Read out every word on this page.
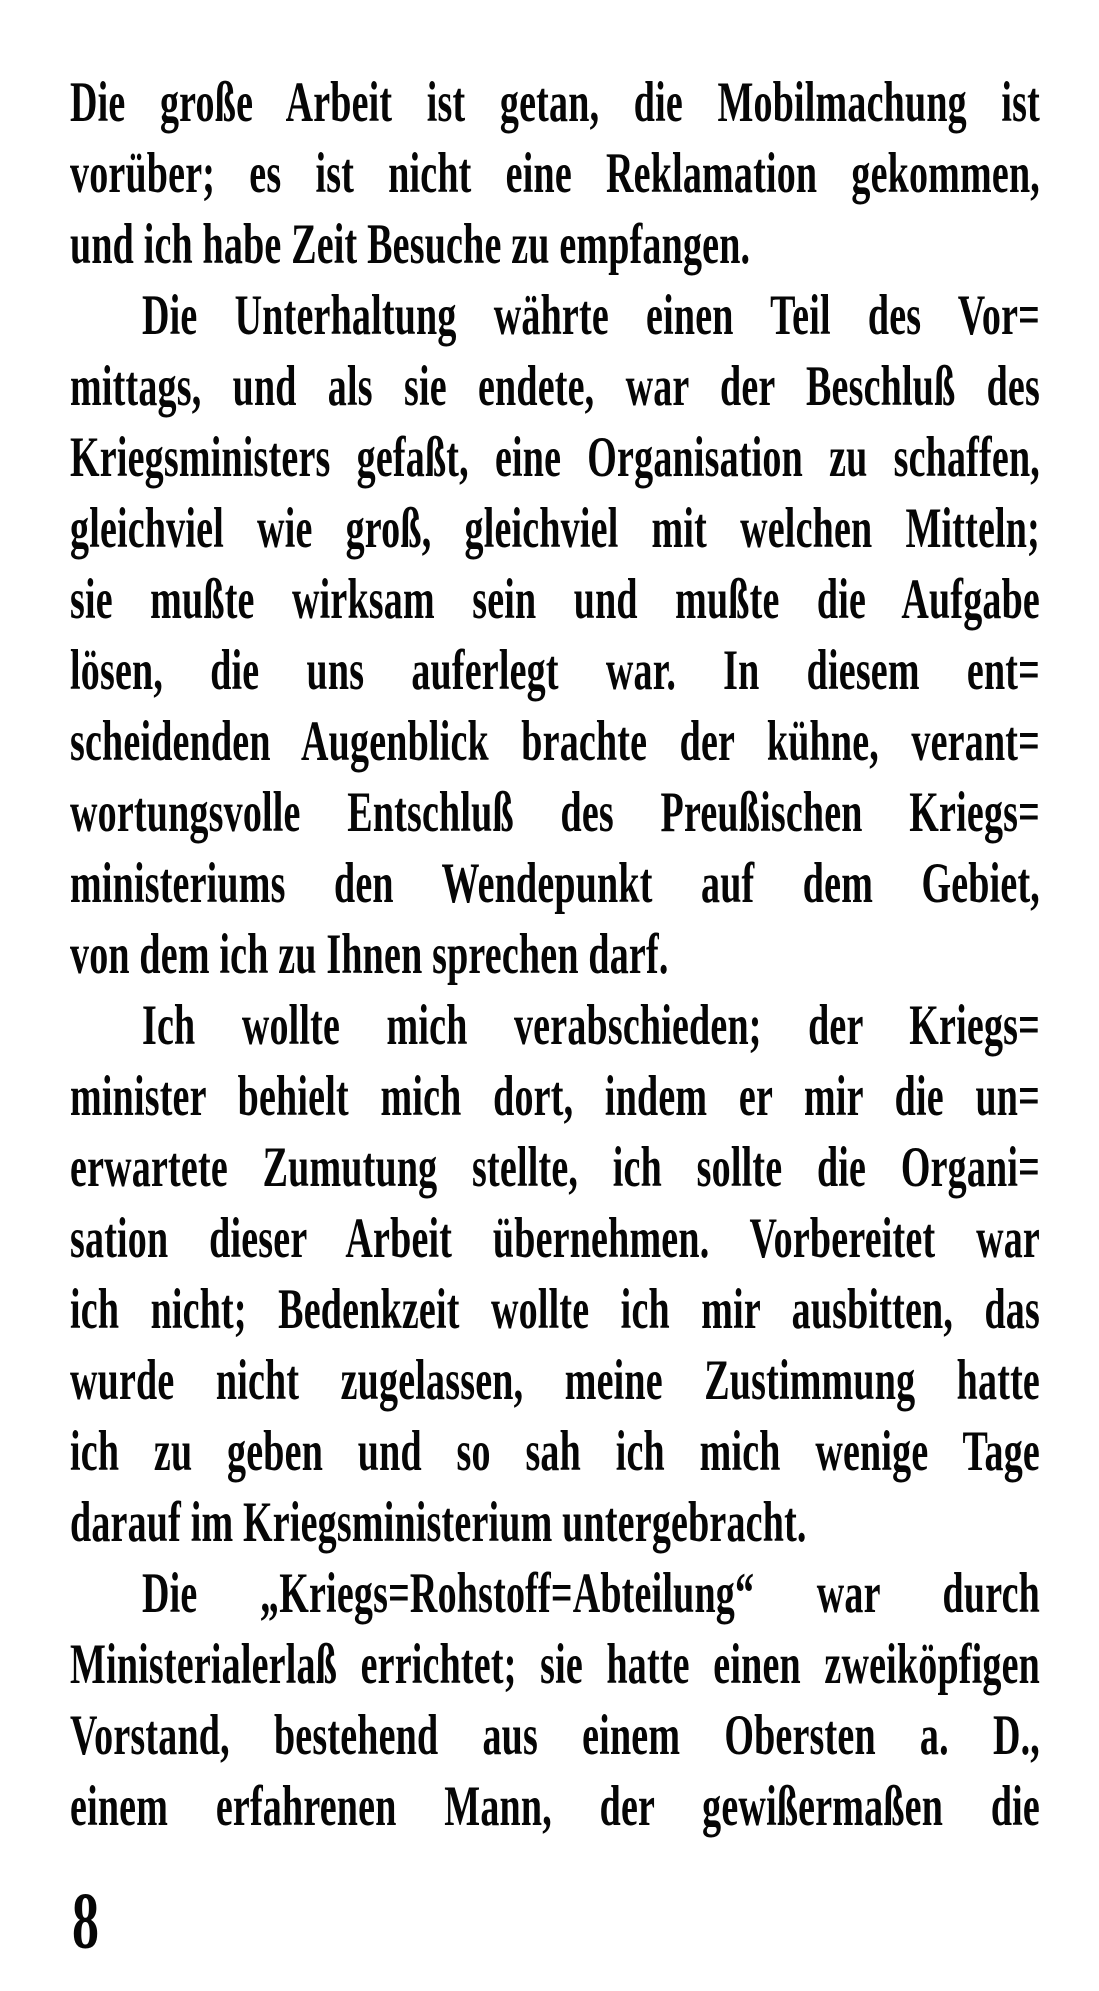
Die große Arbeit ist getan, die Mobilmachung ist
vorüber; es ist nicht eine Reklamation gekommen,
und ich habe Zeit Besuche zu empfangen.
Die Unterhaltung währte einen Teil des Vor=
mittags, und als sie endete, war der Beschluß des
Kriegsministers gefaßt, eine Organisation zu schaffen,
gleichviel wie groß, gleichviel mit welchen Mitteln;
sie mußte wirksam sein und mußte die Aufgabe
lösen, die uns auferlegt war. In diesem ent=
scheidenden Augenblick brachte der kühne, verant=
wortungsvolle Entschluß des Preußischen Kriegs=
ministeriums den Wendepunkt auf dem Gebiet,
von dem ich zu Ihnen sprechen darf.
Ich wollte mich verabschieden; der Kriegs=
minister behielt mich dort, indem er mir die un=
erwartete Zumutung stellte, ich sollte die Organi=
sation dieser Arbeit übernehmen. Vorbereitet war
ich nicht; Bedenkzeit wollte ich mir ausbitten, das
wurde nicht zugelassen, meine Zustimmung hatte
ich zu geben und so sah ich mich wenige Tage
darauf im Kriegsministerium untergebracht.
Die „Kriegs=Rohstoff=Abteilung“ war durch
Ministerialerlaß errichtet; sie hatte einen zweiköpfigen
Vorstand, bestehend aus einem Obersten a. D.,
einem erfahrenen Mann, der gewißermaßen die
8
